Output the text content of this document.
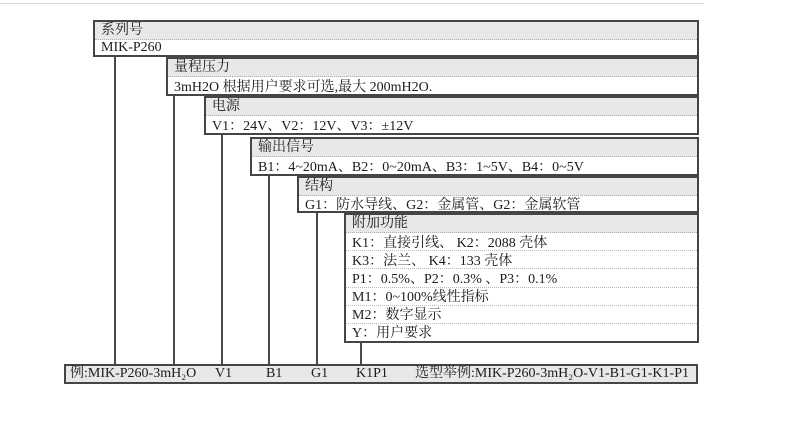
系列号
MIK-P260
量程压力
3mH2O 根据用户要求可选,最大 200mH2O.
电源
V1：24V、V2：12V、V3：±12V
输出信号
B1：4~20mA、B2：0~20mA、B3：1~5V、B4：0~5V
结构
G1：防水导线、G2：金属管、G2：金属软管
附加功能
K1：直接引线、 K2：2088 壳体
K3：法兰、 K4：133 壳体
P1：0.5%、P2：0.3% 、P3：0.1%
M1：0~100%线性指标
M2：数字显示
Y：用户要求
例:MIK-P260-3mH₂O V1 B1 G1 K1P1 选型举例:MIK-P260-3mH₂O-V1-B1-G1-K1-P1
